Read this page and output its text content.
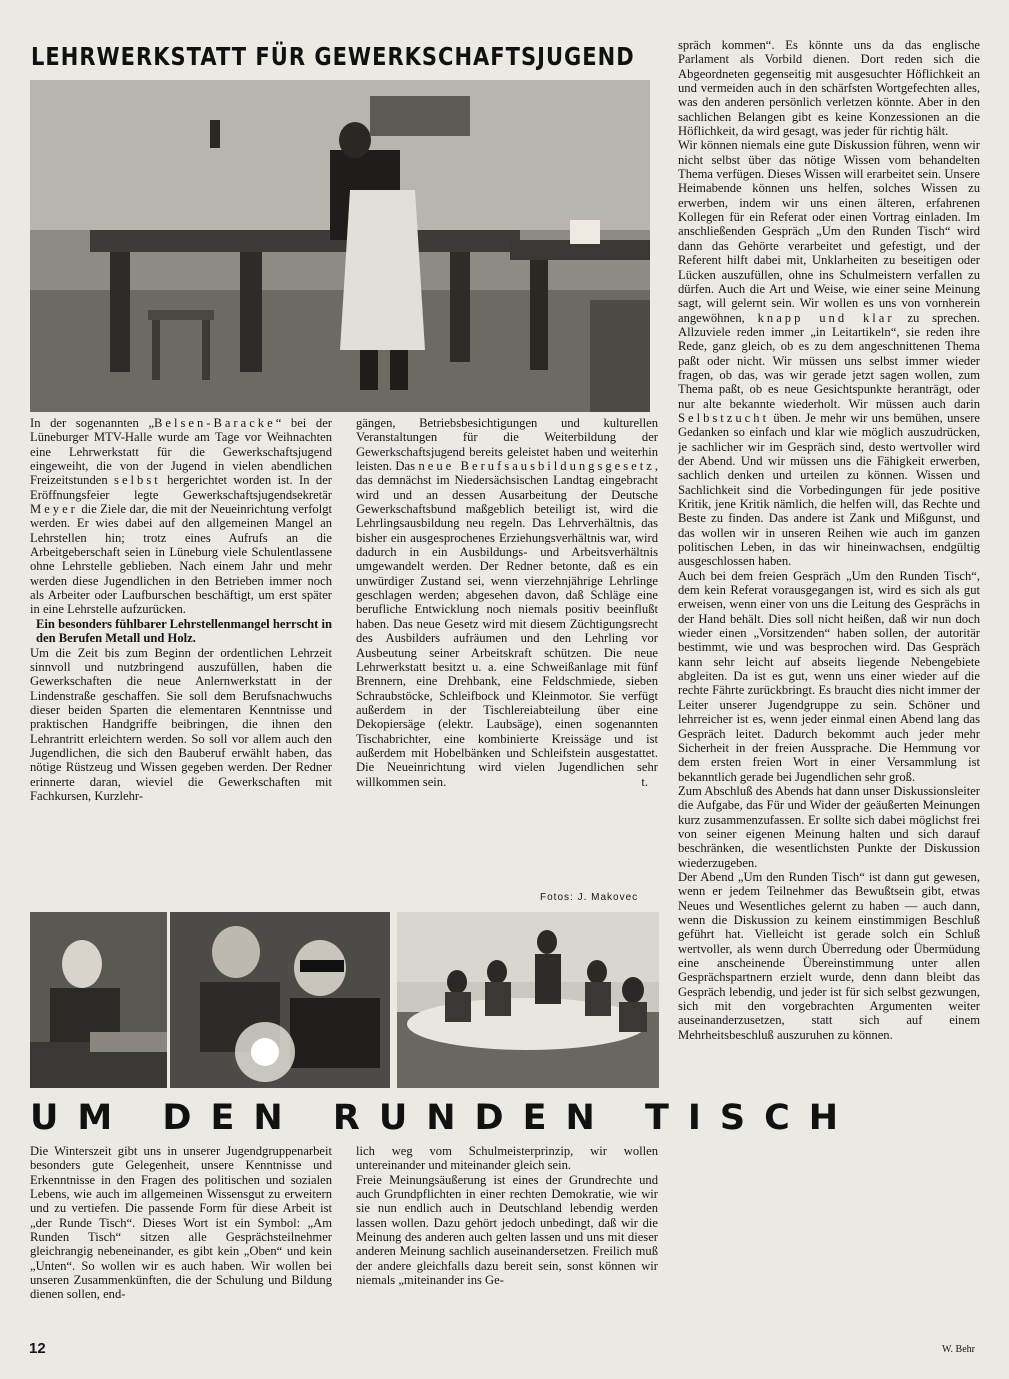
LEHRWERKSTATT FÜR GEWERKSCHAFTSJUGEND

In der sogenannten „Belsen-Baracke“ bei der Lüneburger MTV-Halle wurde am Tage vor Weihnachten eine Lehrwerkstatt für die Gewerkschaftsjugend eingeweiht, die von der Jugend in vielen abendlichen Freizeitstunden selbst hergerichtet worden ist. In der Eröffnungsfeier legte Gewerkschaftsjugendsekretär Meyer die Ziele dar, die mit der Neueinrichtung verfolgt werden. Er wies dabei auf den allgemeinen Mangel an Lehrstellen hin; trotz eines Aufrufs an die Arbeitgeberschaft seien in Lüneburg viele Schulentlassene ohne Lehrstelle geblieben. Nach einem Jahr und mehr werden diese Jugendlichen in den Betrieben immer noch als Arbeiter oder Laufburschen beschäftigt, um erst später in eine Lehrstelle aufzurücken.

Ein besonders fühlbarer Lehrstellenmangel herrscht in den Berufen Metall und Holz.

Um die Zeit bis zum Beginn der ordentlichen Lehrzeit sinnvoll und nutzbringend auszufüllen, haben die Gewerkschaften die neue Anlernwerkstatt in der Lindenstraße geschaffen. Sie soll dem Berufsnachwuchs dieser beiden Sparten die elementaren Kenntnisse und praktischen Handgriffe beibringen, die ihnen den Lehrantritt erleichtern werden. So soll vor allem auch den Jugendlichen, die sich den Bauberuf erwählt haben, das nötige Rüstzeug und Wissen gegeben werden. Der Redner erinnerte daran, wieviel die Gewerkschaften mit Fachkursen, Kurzlehr-

gängen, Betriebsbesichtigungen und kulturellen Veranstaltungen für die Weiterbildung der Gewerkschaftsjugend bereits geleistet haben und weiterhin leisten. Das neue Berufsausbildungsgesetz, das demnächst im Niedersächsischen Landtag eingebracht wird und an dessen Ausarbeitung der Deutsche Gewerkschaftsbund maßgeblich beteiligt ist, wird die Lehrlingsausbildung neu regeln. Das Lehrverhältnis, das bisher ein ausgesprochenes Erziehungsverhältnis war, wird dadurch in ein Ausbildungs- und Arbeitsverhältnis umgewandelt werden. Der Redner betonte, daß es ein unwürdiger Zustand sei, wenn vierzehnjährige Lehrlinge geschlagen werden; abgesehen davon, daß Schläge eine berufliche Entwicklung noch niemals positiv beeinflußt haben. Das neue Gesetz wird mit diesem Züchtigungsrecht des Ausbilders aufräumen und den Lehrling vor Ausbeutung seiner Arbeitskraft schützen. Die neue Lehrwerkstatt besitzt u. a. eine Schweißanlage mit fünf Brennern, eine Drehbank, eine Feldschmiede, sieben Schraubstöcke, Schleifbock und Kleinmotor. Sie verfügt außerdem in der Tischlereiabteilung über eine Dekopiersäge (elektr. Laubsäge), einen sogenannten Tischabrichter, eine kombinierte Kreissäge und ist außerdem mit Hobelbänken und Schleifstein ausgestattet. Die Neueinrichtung wird vielen Jugendlichen sehr willkommen sein.	t.

Fotos: J. Makovec
UM DEN RUNDEN TISCH

spräch kommen“. Es könnte uns da das englische Parlament als Vorbild dienen. Dort reden sich die Abgeordneten gegenseitig mit ausgesuchter Höflichkeit an und vermeiden auch in den schärfsten Wortgefechten alles, was den anderen persönlich verletzen könnte. Aber in den sachlichen Belangen gibt es keine Konzessionen an die Höflichkeit, da wird gesagt, was jeder für richtig hält.

Wir können niemals eine gute Diskussion führen, wenn wir nicht selbst über das nötige Wissen vom behandelten Thema verfügen. Dieses Wissen will erarbeitet sein. Unsere Heimabende können uns helfen, solches Wissen zu erwerben, indem wir uns einen älteren, erfahrenen Kollegen für ein Referat oder einen Vortrag einladen. Im anschließenden Gespräch „Um den Runden Tisch“ wird dann das Gehörte verarbeitet und gefestigt, und der Referent hilft dabei mit, Unklarheiten zu beseitigen oder Lücken auszufüllen, ohne ins Schulmeistern verfallen zu dürfen. Auch die Art und Weise, wie einer seine Meinung sagt, will gelernt sein. Wir wollen es uns von vornherein angewöhnen, knapp und klar zu sprechen. Allzuviele reden immer „in Leitartikeln“, sie reden ihre Rede, ganz gleich, ob es zu dem angeschnittenen Thema paßt oder nicht. Wir müssen uns selbst immer wieder fragen, ob das, was wir gerade jetzt sagen wollen, zum Thema paßt, ob es neue Gesichtspunkte heranträgt, oder nur alte bekannte wiederholt. Wir müssen auch darin Selbstzucht üben. Je mehr wir uns bemühen, unsere Gedanken so einfach und klar wie möglich auszudrücken, je sachlicher wir im Gespräch sind, desto wertvoller wird der Abend. Und wir müssen uns die Fähigkeit erwerben, sachlich denken und urteilen zu können. Wissen und Sachlichkeit sind die Vorbedingungen für jede positive Kritik, jene Kritik nämlich, die helfen will, das Rechte und Beste zu finden. Das andere ist Zank und Mißgunst, und das wollen wir in unseren Reihen wie auch im ganzen politischen Leben, in das wir hineinwachsen, endgültig ausgeschlossen haben.

Auch bei dem freien Gespräch „Um den Runden Tisch“, dem kein Referat vorausgegangen ist, wird es sich als gut erweisen, wenn einer von uns die Leitung des Gesprächs in der Hand behält. Dies soll nicht heißen, daß wir nun doch wieder einen „Vorsitzenden“ haben sollen, der autoritär bestimmt, wie und was besprochen wird. Das Gespräch kann sehr leicht auf abseits liegende Nebengebiete abgleiten. Da ist es gut, wenn uns einer wieder auf die rechte Fährte zurückbringt. Es braucht dies nicht immer der Leiter unserer Jugendgruppe zu sein. Schöner und lehrreicher ist es, wenn jeder einmal einen Abend lang das Gespräch leitet. Dadurch bekommt auch jeder mehr Sicherheit in der freien Aussprache. Die Hemmung vor dem ersten freien Wort in einer Versammlung ist bekanntlich gerade bei Jugendlichen sehr groß.

Zum Abschluß des Abends hat dann unser Diskussionsleiter die Aufgabe, das Für und Wider der geäußerten Meinungen kurz zusammenzufassen. Er sollte sich dabei möglichst frei von seiner eigenen Meinung halten und sich darauf beschränken, die wesentlichsten Punkte der Diskussion wiederzugeben.

Der Abend „Um den Runden Tisch“ ist dann gut gewesen, wenn er jedem Teilnehmer das Bewußtsein gibt, etwas Neues und Wesentliches gelernt zu haben — auch dann, wenn die Diskussion zu keinem einstimmigen Beschluß geführt hat. Vielleicht ist gerade solch ein Schluß wertvoller, als wenn durch Überredung oder Übermüdung eine anscheinende Übereinstimmung unter allen Gesprächspartnern erzielt wurde, denn dann bleibt das Gespräch lebendig, und jeder ist für sich selbst gezwungen, sich mit den vorgebrachten Argumenten weiter auseinanderzusetzen, statt sich auf einem Mehrheitsbeschluß auszuruhen zu können.

Die Winterszeit gibt uns in unserer Jugendgruppenarbeit besonders gute Gelegenheit, unsere Kenntnisse und Erkenntnisse in den Fragen des politischen und sozialen Lebens, wie auch im allgemeinen Wissensgut zu erweitern und zu vertiefen. Die passende Form für diese Arbeit ist „der Runde Tisch“. Dieses Wort ist ein Symbol: „Am Runden Tisch“ sitzen alle Gesprächsteilnehmer gleichrangig nebeneinander, es gibt kein „Oben“ und kein „Unten“. So wollen wir es auch haben. Wir wollen bei unseren Zusammenkünften, die der Schulung und Bildung dienen sollen, end-

lich weg vom Schulmeisterprinzip, wir wollen untereinander und miteinander gleich sein.

Freie Meinungsäußerung ist eines der Grundrechte und auch Grundpflichten in einer rechten Demokratie, wie wir sie nun endlich auch in Deutschland lebendig werden lassen wollen. Dazu gehört jedoch unbedingt, daß wir die Meinung des anderen auch gelten lassen und uns mit dieser anderen Meinung sachlich auseinandersetzen. Freilich muß der andere gleichfalls dazu bereit sein, sonst können wir niemals „miteinander ins Ge-

W. Behr
12
